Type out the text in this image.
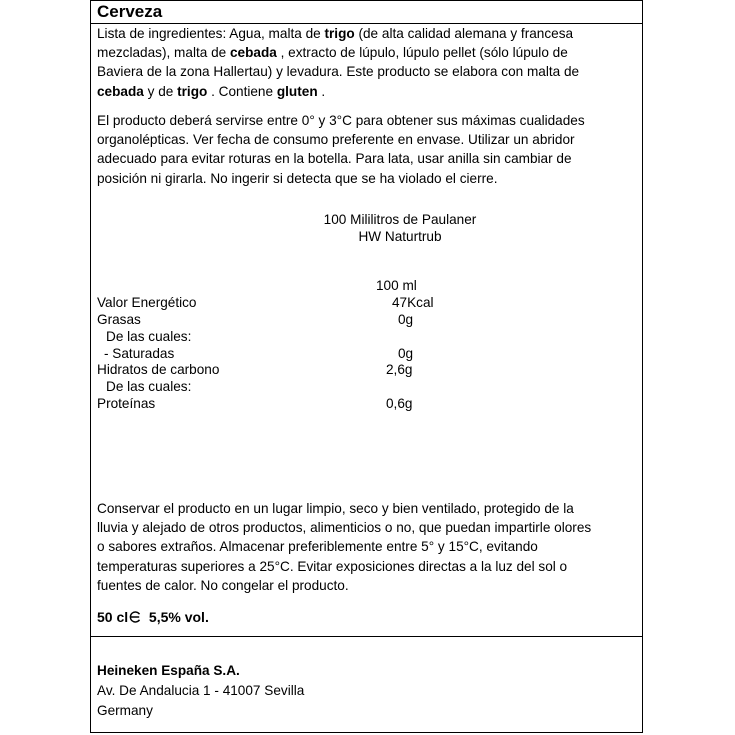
Cerveza
Lista de ingredientes: Agua, malta de trigo (de alta calidad alemana y francesa
mezcladas), malta de cebada , extracto de lúpulo, lúpulo pellet (sólo lúpulo de
Baviera de la zona Hallertau) y levadura. Este producto se elabora con malta de
cebada y de trigo . Contiene gluten .
El producto deberá servirse entre 0° y 3°C para obtener sus máximas cualidades
organolépticas. Ver fecha de consumo preferente en envase. Utilizar un abridor
adecuado para evitar roturas en la botella. Para lata, usar anilla sin cambiar de
posición ni girarla. No ingerir si detecta que se ha violado el cierre.
100 Mililitros de Paulaner
HW Naturtrub
100 ml
Valor Energético	47Kcal
Grasas	0g
De las cuales:
- Saturadas	0g
Hidratos de carbono	2,6g
De las cuales:
Proteínas	0,6g
Conservar el producto en un lugar limpio, seco y bien ventilado, protegido de la
lluvia y alejado de otros productos, alimenticios o no, que puedan impartirle olores
o sabores extraños. Almacenar preferiblemente entre 5° y 15°C, evitando
temperaturas superiores a 25°C. Evitar exposiciones directas a la luz del sol o
fuentes de calor. No congelar el producto.
50 cl 5,5% vol.
Heineken España S.A.
Av. De Andalucia 1 - 41007 Sevilla
Germany
